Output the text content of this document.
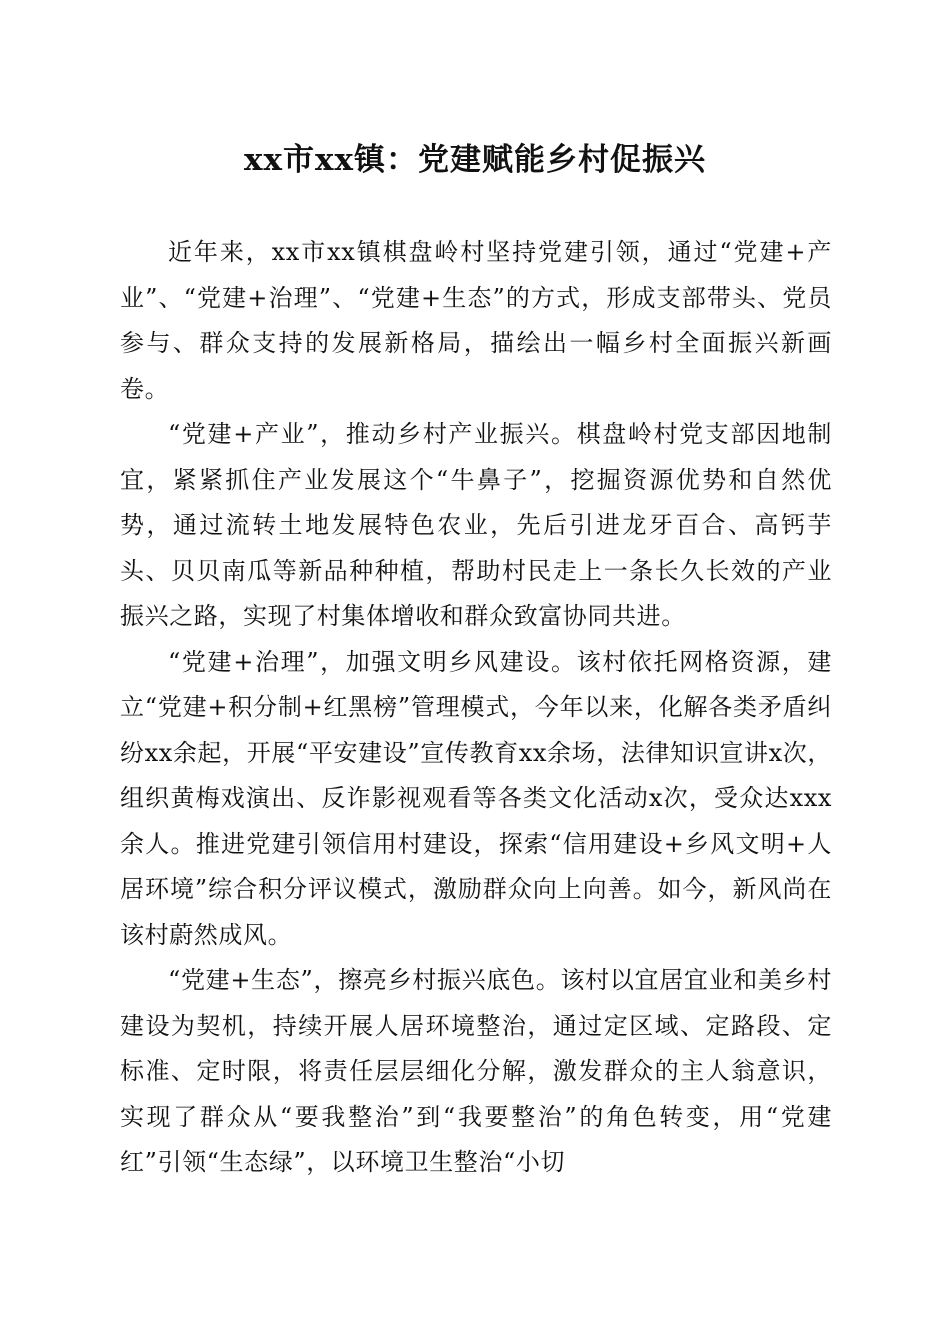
xx市xx镇：党建赋能乡村促振兴

近年来，xx市xx镇棋盘岭村坚持党建引领，通过“党建+产业”、“党建+治理”、“党建+生态”的方式，形成支部带头、党员参与、群众支持的发展新格局，描绘出一幅乡村全面振兴新画卷。

“党建+产业”，推动乡村产业振兴。棋盘岭村党支部因地制宜，紧紧抓住产业发展这个“牛鼻子”，挖掘资源优势和自然优势，通过流转土地发展特色农业，先后引进龙牙百合、高钙芋头、贝贝南瓜等新品种种植，帮助村民走上一条长久长效的产业振兴之路，实现了村集体增收和群众致富协同共进。

“党建+治理”，加强文明乡风建设。该村依托网格资源，建立“党建+积分制+红黑榜”管理模式，今年以来，化解各类矛盾纠纷xx余起，开展“平安建设”宣传教育xx余场，法律知识宣讲x次，组织黄梅戏演出、反诈影视观看等各类文化活动x次，受众达xxx余人。推进党建引领信用村建设，探索“信用建设+乡风文明+人居环境”综合积分评议模式，激励群众向上向善。如今，新风尚在该村蔚然成风。

“党建+生态”，擦亮乡村振兴底色。该村以宜居宜业和美乡村建设为契机，持续开展人居环境整治，通过定区域、定路段、定标准、定时限，将责任层层细化分解，激发群众的主人翁意识，实现了群众从“要我整治”到“我要整治”的角色转变，用“党建红”引领“生态绿”，以环境卫生整治“小切
